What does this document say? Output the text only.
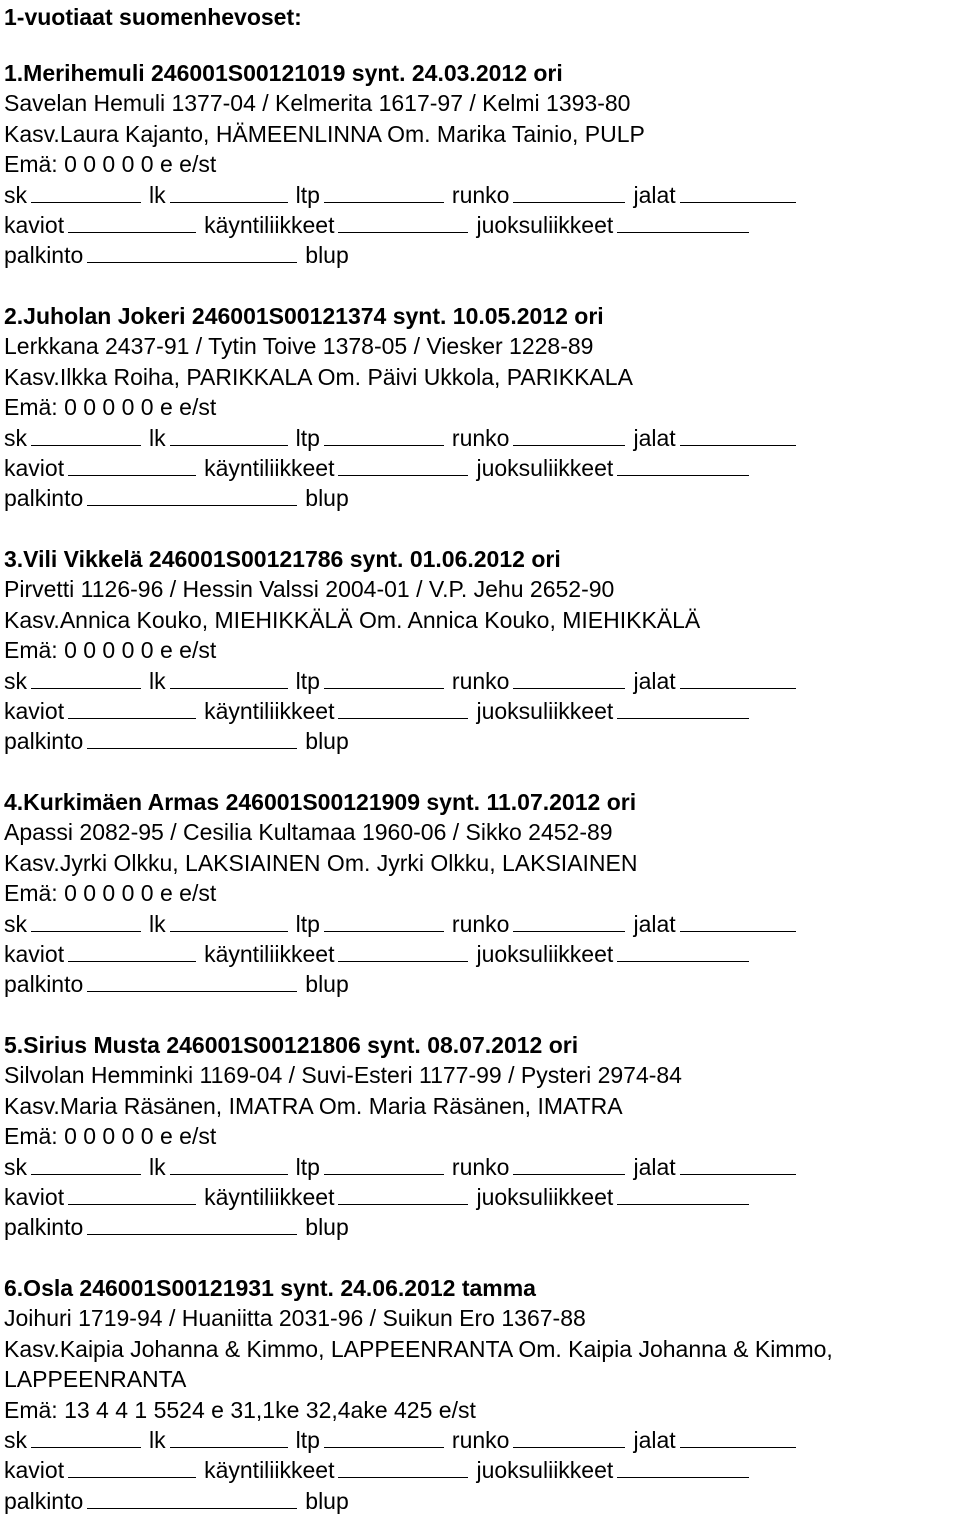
1-vuotiaat suomenhevoset:
1.Merihemuli 246001S00121019 synt. 24.03.2012 ori
Savelan Hemuli 1377-04 / Kelmerita 1617-97 / Kelmi 1393-80
Kasv.Laura Kajanto, HÄMEENLINNA Om. Marika Tainio, PULP
Emä: 0 0 0 0 0 e e/st
sk	lk	ltp	runko	jalat
kaviot	käyntiliikkeet	juoksuliikkeet
palkinto	blup
2.Juholan Jokeri 246001S00121374 synt. 10.05.2012 ori
Lerkkana 2437-91 / Tytin Toive 1378-05 / Viesker 1228-89
Kasv.Ilkka Roiha, PARIKKALA Om. Päivi Ukkola, PARIKKALA
Emä: 0 0 0 0 0 e e/st
sk	lk	ltp	runko	jalat
kaviot	käyntiliikkeet	juoksuliikkeet
palkinto	blup
3.Vili Vikkelä 246001S00121786 synt. 01.06.2012 ori
Pirvetti 1126-96 / Hessin Valssi 2004-01 / V.P. Jehu 2652-90
Kasv.Annica Kouko, MIEHIKKÄLÄ Om. Annica Kouko, MIEHIKKÄLÄ
Emä: 0 0 0 0 0 e e/st
sk	lk	ltp	runko	jalat
kaviot	käyntiliikkeet	juoksuliikkeet
palkinto	blup
4.Kurkimäen Armas 246001S00121909 synt. 11.07.2012 ori
Apassi 2082-95 / Cesilia Kultamaa 1960-06 / Sikko 2452-89
Kasv.Jyrki Olkku, LAKSIAINEN Om. Jyrki Olkku, LAKSIAINEN
Emä: 0 0 0 0 0 e e/st
sk	lk	ltp	runko	jalat
kaviot	käyntiliikkeet	juoksuliikkeet
palkinto	blup
5.Sirius Musta 246001S00121806 synt. 08.07.2012 ori
Silvolan Hemminki 1169-04 / Suvi-Esteri 1177-99 / Pysteri 2974-84
Kasv.Maria Räsänen, IMATRA Om. Maria Räsänen, IMATRA
Emä: 0 0 0 0 0 e e/st
sk	lk	ltp	runko	jalat
kaviot	käyntiliikkeet	juoksuliikkeet
palkinto	blup
6.Osla 246001S00121931 synt. 24.06.2012 tamma
Joihuri 1719-94 / Huaniitta 2031-96 / Suikun Ero 1367-88
Kasv.Kaipia Johanna & Kimmo, LAPPEENRANTA Om. Kaipia Johanna & Kimmo,
LAPPEENRANTA
Emä: 13 4 4 1 5524 e 31,1ke 32,4ake 425 e/st
sk	lk	ltp	runko	jalat
kaviot	käyntiliikkeet	juoksuliikkeet
palkinto	blup
